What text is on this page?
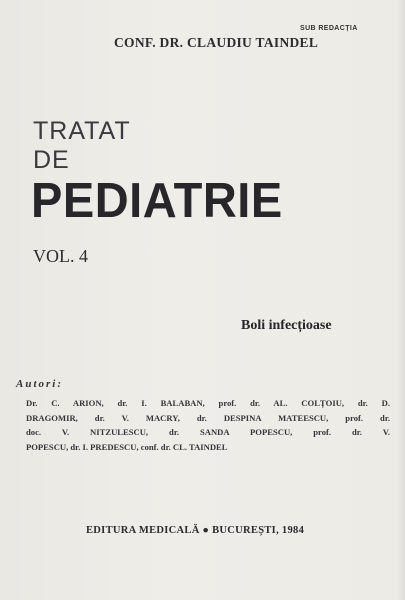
SUB REDACȚIA
CONF. DR. CLAUDIU TAINDEL
TRATAT
DE
PEDIATRIE
VOL. 4
Boli infecțioase
Autori:
Dr. C. ARION, dr. I. BALABAN, prof. dr. AL. COLȚOIU, dr. D.
DRAGOMIR, dr. V. MACRY, dr. DESPINA MATEESCU, prof. dr.
doc. V. NITZULESCU, dr. SANDA POPESCU, prof. dr. V.
POPESCU, dr. I. PREDESCU, conf. dr. CL. TAINDEL
EDITURA MEDICALĂ ● BUCUREȘTI, 1984
